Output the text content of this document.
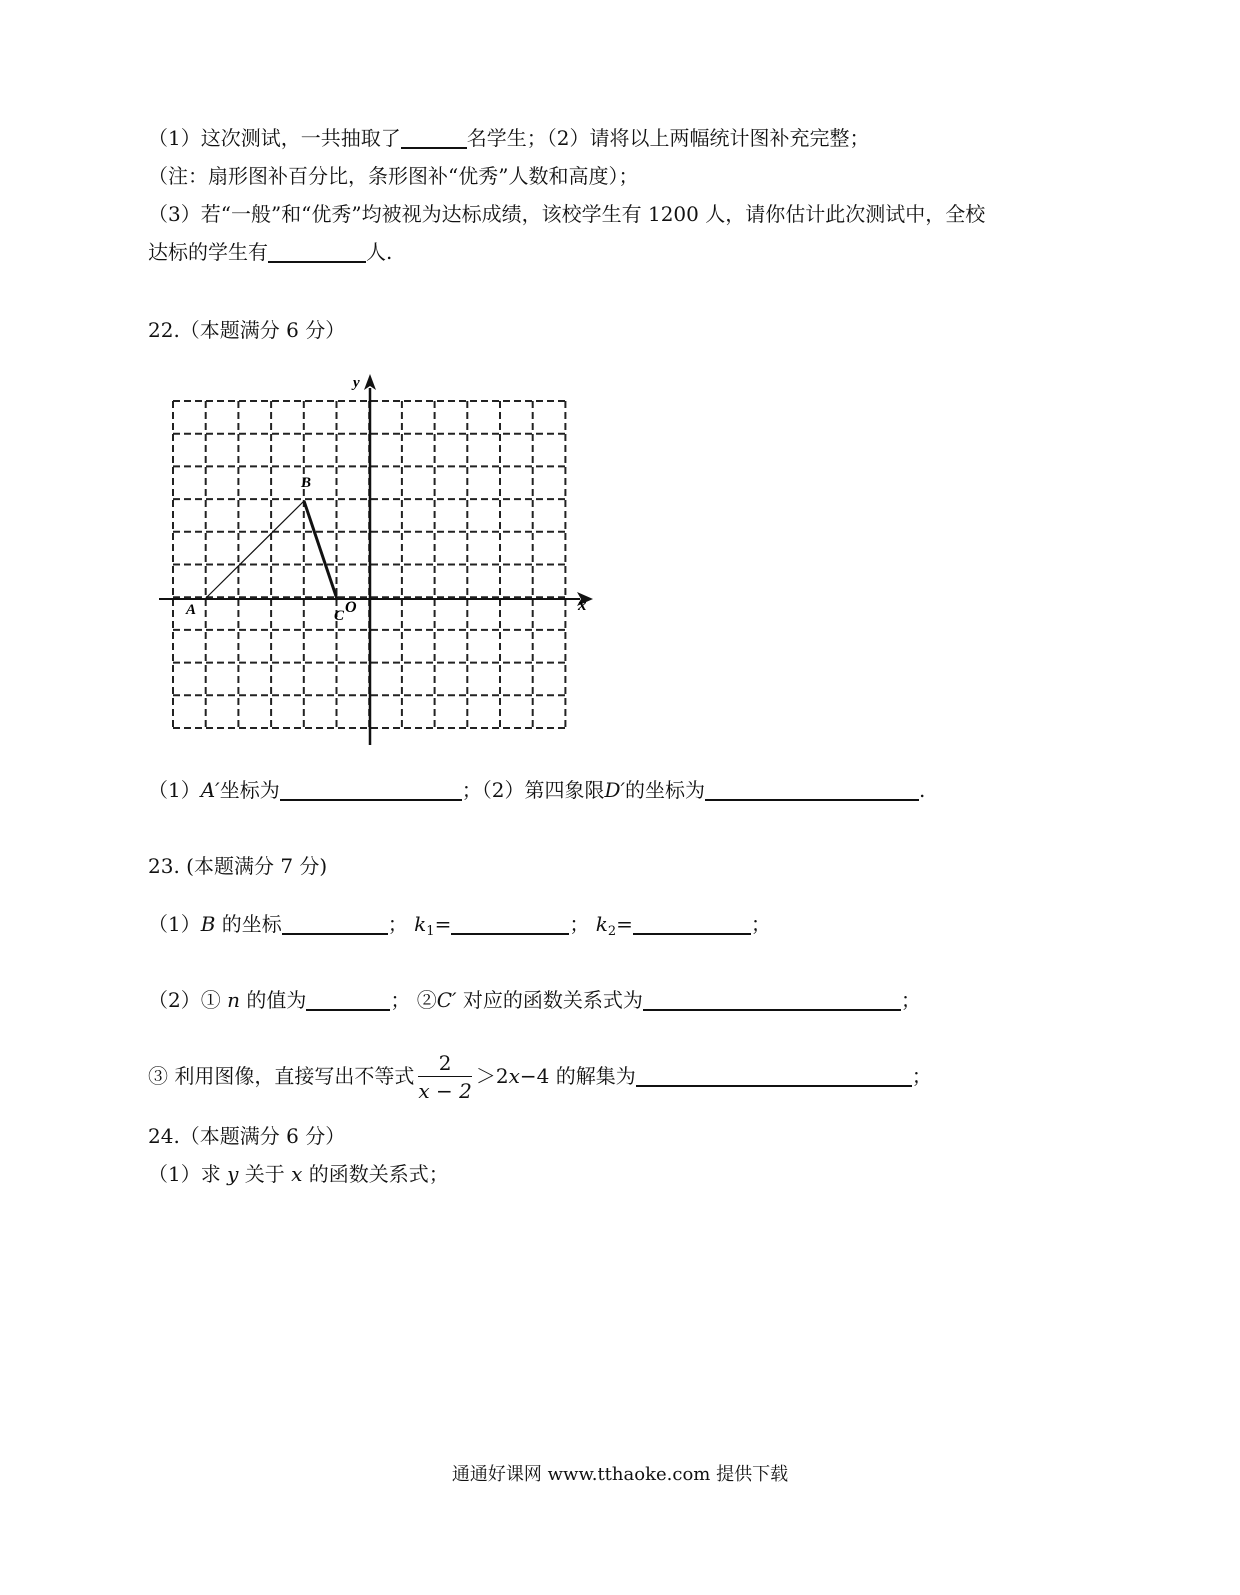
（1）这次测试，一共抽取了	名学生；（2）请将以上两幅统计图补充完整；
（注：扇形图补百分比，条形图补“优秀”人数和高度）；
（3）若“一般”和“优秀”均被视为达标成绩，该校学生有 1200 人，请你估计此次测试中，全校
达标的学生有	人.
22.（本题满分 6 分）
y
x
A
B
C O
（1）A′坐标为	；（2）第四象限D′的坐标为	.
23. (本题满分 7 分)
（1）B 的坐标	； $k_1=$	； $k_2=$	；
（2）① n 的值为	； ②C′ 对应的函数关系式为	；
③ 利用图像，直接写出不等式 $\frac{2}{x - 2} >2x-4$ 的解集为	；
24.（本题满分 6 分）
（1）求 y 关于 x 的函数关系式；
通通好课网 www.tthaoke.com 提供下载
